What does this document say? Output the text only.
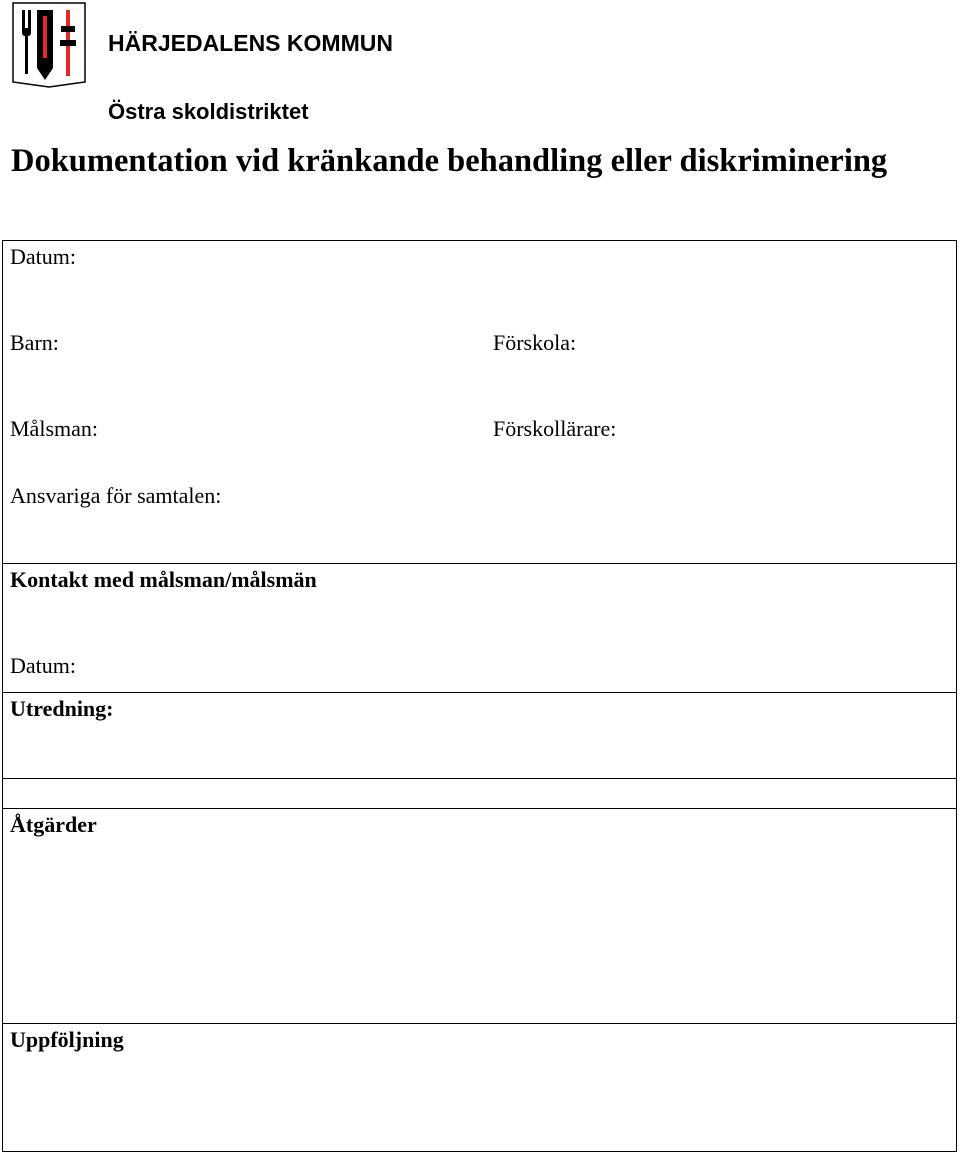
HÄRJEDALENS KOMMUN
Östra skoldistriktet
Dokumentation vid kränkande behandling eller diskriminering
Datum:
Barn:	Förskola:
Målsman:	Förskollärare:
Ansvariga för samtalen:
Kontakt med målsman/målsmän
Datum:
Utredning:
Åtgärder
Uppföljning
